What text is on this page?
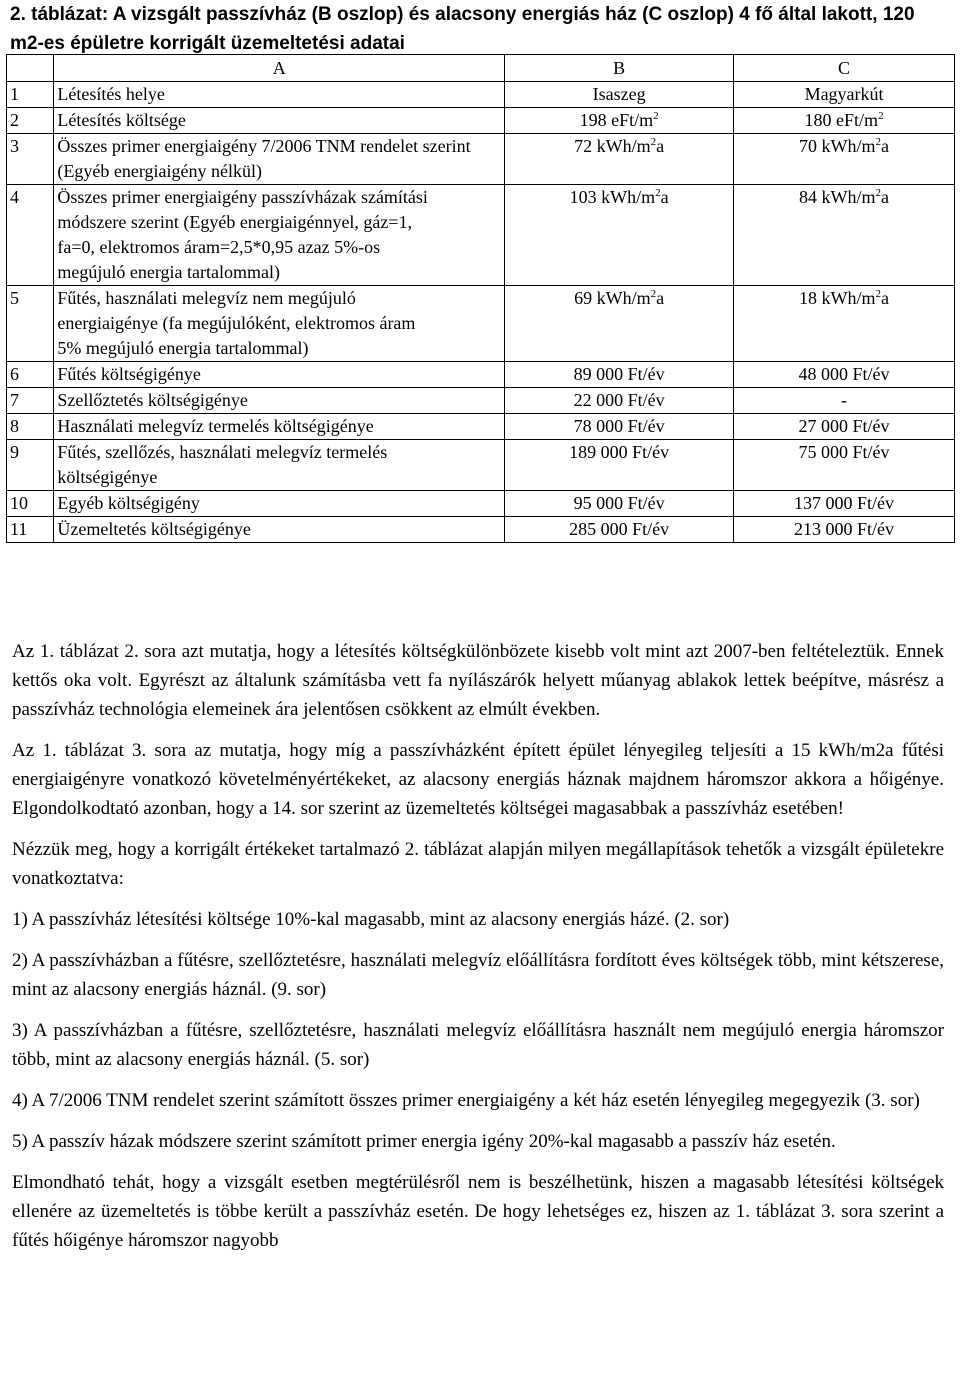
2. táblázat: A vizsgált passzívház (B oszlop) és alacsony energiás ház (C oszlop) 4 fő által lakott, 120 m2-es épületre korrigált üzemeltetési adatai
	A	B	C
1	Létesítés helye	Isaszeg	Magyarkút
2	Létesítés költsége	198 eFt/$m^2$	180 eFt/$m^2$
3	Összes primer energiaigény 7/2006 TNM rendelet szerint (Egyéb energiaigény nélkül)	72 kWh/$m^2a$	70 kWh/$m^2a$
4	Összes primer energiaigény passzívházak számítási módszere szerint (Egyéb energiaigénnyel, gáz=1, fa=0, elektromos áram=2,5*0,95 azaz 5%-os megújuló energia tartalommal)	103 kWh/$m^2a$	84 kWh/$m^2a$
5	Fűtés, használati melegvíz nem megújuló energiaigénye (fa megújulóként, elektromos áram 5% megújuló energia tartalommal)	69 kWh/$m^2a$	18 kWh/$m^2a$
6	Fűtés költségigénye	89 000 Ft/év	48 000 Ft/év
7	Szellőztetés költségigénye	22 000 Ft/év	-
8	Használati melegvíz termelés költségigénye	78 000 Ft/év	27 000 Ft/év
9	Fűtés, szellőzés, használati melegvíz termelés költségigénye	189 000 Ft/év	75 000 Ft/év
10	Egyéb költségigény	95 000 Ft/év	137 000 Ft/év
11	Üzemeltetés költségigénye	285 000 Ft/év	213 000 Ft/év

Az 1. táblázat 2. sora azt mutatja, hogy a létesítés költségkülönbözete kisebb volt mint azt 2007-ben feltételeztük. Ennek kettős oka volt. Egyrészt az általunk számításba vett fa nyílászárók helyett műanyag ablakok lettek beépítve, másrész a passzívház technológia elemeinek ára jelentősen csökkent az elmúlt években.

Az 1. táblázat 3. sora az mutatja, hogy míg a passzívházként épített épület lényegileg teljesíti a 15 kWh/m2a fűtési energiaigényre vonatkozó követelményértékeket, az alacsony energiás háznak majdnem háromszor akkora a hőigénye. Elgondolkodtató azonban, hogy a 14. sor szerint az üzemeltetés költségei magasabbak a passzívház esetében!

Nézzük meg, hogy a korrigált értékeket tartalmazó 2. táblázat alapján milyen megállapítások tehetők a vizsgált épületekre vonatkoztatva:

1) A passzívház létesítési költsége 10%-kal magasabb, mint az alacsony energiás házé. (2. sor)

2) A passzívházban a fűtésre, szellőztetésre, használati melegvíz előállításra fordított éves költségek több, mint kétszerese, mint az alacsony energiás háznál. (9. sor)

3) A passzívházban a fűtésre, szellőztetésre, használati melegvíz előállításra használt nem megújuló energia háromszor több, mint az alacsony energiás háznál. (5. sor)

4) A 7/2006 TNM rendelet szerint számított összes primer energiaigény a két ház esetén lényegileg megegyezik (3. sor)

5) A passzív házak módszere szerint számított primer energia igény 20%-kal magasabb a passzív ház esetén.

Elmondható tehát, hogy a vizsgált esetben megtérülésről nem is beszélhetünk, hiszen a magasabb létesítési költségek ellenére az üzemeltetés is többe került a passzívház esetén. De hogy lehetséges ez, hiszen az 1. táblázat 3. sora szerint a fűtés hőigénye háromszor nagyobb
